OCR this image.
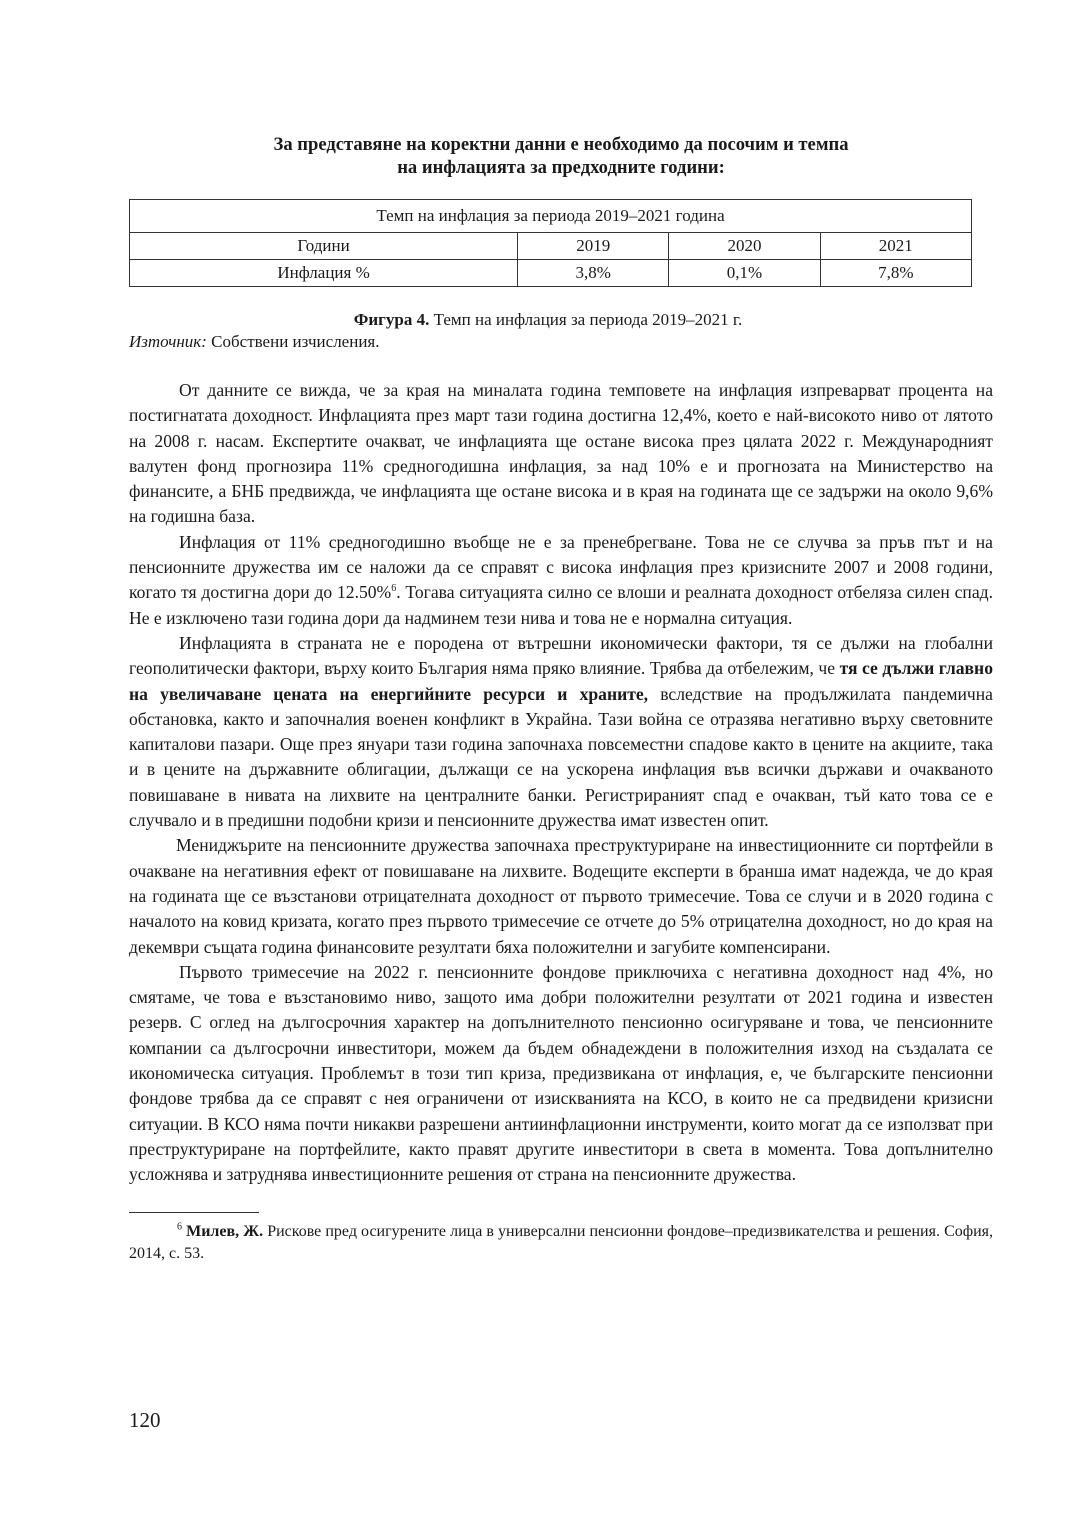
За представяне на коректни данни е необходимо да посочим и темпа
на инфлацията за предходните години:
Темп на инфлация за периода 2019–2021 година			
Години	2019	2020	2021
Инфлация %	3,8%	0,1%	7,8%
Фигура 4. Темп на инфлация за периода 2019–2021 г.
Източник: Собствени изчисления.

От данните се вижда, че за края на миналата година темповете на инфлация изпреварват процента на постигнатата доходност. Инфлацията през март тази година достигна 12,4%, което е най-високото ниво от лятото на 2008 г. насам. Експертите очакват, че инфлацията ще остане висока през цялата 2022 г. Международният валутен фонд прогнозира 11% средногодишна инфлация, за над 10% е и прогнозата на Министерство на финансите, а БНБ предвижда, че инфлацията ще остане висока и в края на годината ще се задържи на около 9,6% на годишна база.

Инфлация от 11% средногодишно въобще не е за пренебрегване. Това не се случва за пръв път и на пенсионните дружества им се наложи да се справят с висока инфлация през кризисните 2007 и 2008 години, когато тя достигна дори до 12.50%$^6$. Тогава ситуацията силно се влоши и реалната доходност отбеляза силен спад. Не е изключено тази година дори да надминем тези нива и това не е нормална ситуация.

Инфлацията в страната не е породена от вътрешни икономически фактори, тя се дължи на глобални геополитически фактори, върху които България няма пряко влияние. Трябва да отбележим, че тя се дължи главно на увеличаване цената на енергийните ресурси и храните, вследствие на продължилата пандемична обстановка, както и започналия военен конфликт в Украйна. Тази война се отразява негативно върху световните капиталови пазари. Още през януари тази година започнаха повсеместни спадове както в цените на акциите, така и в цените на държавните облигации, дължащи се на ускорена инфлация във всички държави и очакваното повишаване в нивата на лихвите на централните банки. Регистрираният спад е очакван, тъй като това се е случвало и в предишни подобни кризи и пенсионните дружества имат известен опит.

Мениджърите на пенсионните дружества започнаха преструктуриране на инвестиционните си портфейли в очакване на негативния ефект от повишаване на лихвите. Водещите експерти в бранша имат надежда, че до края на годината ще се възстанови отрицателната доходност от първото тримесечие. Това се случи и в 2020 година с началото на ковид кризата, когато през първото тримесечие се отчете до 5% отрицателна доходност, но до края на декември същата година финансовите резултати бяха положителни и загубите компенсирани.

Първото тримесечие на 2022 г. пенсионните фондове приключиха с негативна доходност над 4%, но смятаме, че това е възстановимо ниво, защото има добри положителни резултати от 2021 година и известен резерв. С оглед на дългосрочния характер на допълнителното пенсионно осигуряване и това, че пенсионните компании са дългосрочни инвеститори, можем да бъдем обнадеждени в положителния изход на създалата се икономическа ситуация. Проблемът в този тип криза, предизвикана от инфлация, е, че българските пенсионни фондове трябва да се справят с нея ограничени от изискванията на КСО, в които не са предвидени кризисни ситуации. В КСО няма почти никакви разрешени антиинфлационни инструменти, които могат да се използват при преструктуриране на портфейлите, както правят другите инвеститори в света в момента. Това допълнително усложнява и затруднява инвестиционните решения от страна на пенсионните дружества.

$^6$ Милев, Ж. Рискове пред осигурените лица в универсални пенсионни фондове–предизвикателства и решения. София, 2014, с. 53.
120
